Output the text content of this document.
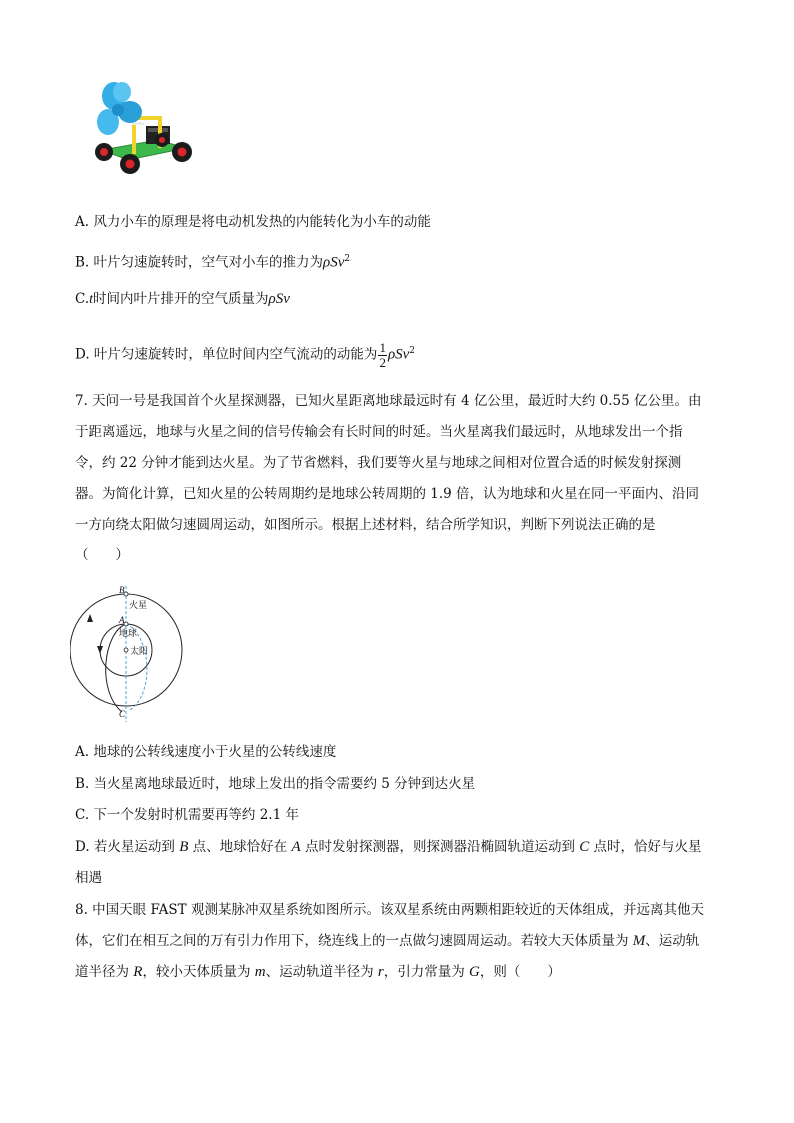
A. 风力小车的原理是将电动机发热的内能转化为小车的动能
B. 叶片匀速旋转时，空气对小车的推力为ρSv$^2$
C.t时间内叶片排开的空气质量为ρSv
D. 叶片匀速旋转时，单位时间内空气流动的动能为 $\frac{1}{2} \rho Sv^2$
7. 天问一号是我国首个火星探测器，已知火星距离地球最远时有 4 亿公里，最近时大约 0.55 亿公里。由
于距离遥远，地球与火星之间的信号传输会有长时间的时延。当火星离我们最远时，从地球发出一个指
令，约 22 分钟才能到达火星。为了节省燃料，我们要等火星与地球之间相对位置合适的时候发射探测
器。为简化计算，已知火星的公转周期约是地球公转周期的 1.9 倍，认为地球和火星在同一平面内、沿同
一方向绕太阳做匀速圆周运动，如图所示。根据上述材料，结合所学知识，判断下列说法正确的是
（　　）
B
火星
A
地球
太阳
C
A. 地球的公转线速度小于火星的公转线速度
B. 当火星离地球最近时，地球上发出的指令需要约 5 分钟到达火星
C. 下一个发射时机需要再等约 2.1 年
D. 若火星运动到 B 点、地球恰好在 A 点时发射探测器，则探测器沿椭圆轨道运动到 C 点时，恰好与火星
相遇
8. 中国天眼 FAST 观测某脉冲双星系统如图所示。该双星系统由两颗相距较近的天体组成，并远离其他天
体，它们在相互之间的万有引力作用下，绕连线上的一点做匀速圆周运动。若较大天体质量为 M、运动轨
道半径为 R，较小天体质量为 m、运动轨道半径为 r，引力常量为 G，则（　　）
